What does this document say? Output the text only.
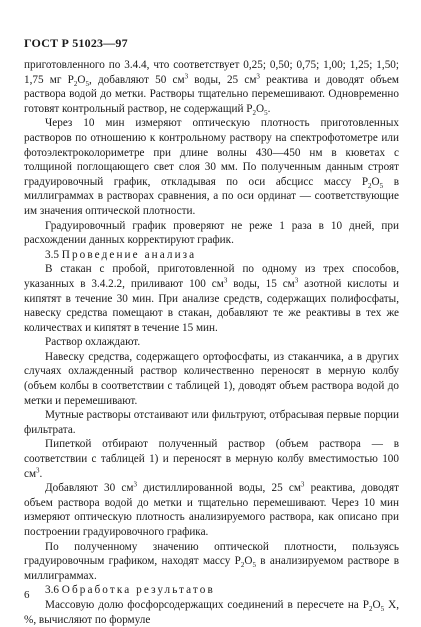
ГОСТ Р 51023—97

приготовленного по 3.4.4, что соответствует 0,25; 0,50; 0,75; 1,00; 1,25; 1,50; 1,75 мг $P_2O_5$, добавляют 50 $см^3$ воды, 25 $см^3$ реактива и доводят объем раствора водой до метки. Растворы тщательно перемешивают. Одновременно готовят контрольный раствор, не содержащий $P_2O_5$.

Через 10 мин измеряют оптическую плотность приготовленных растворов по отношению к контрольному раствору на спектрофотометре или фотоэлектроколориметре при длине волны 430—450 нм в кюветах с толщиной поглощающего свет слоя 30 мм. По полученным данным строят градуировочный график, откладывая по оси абсцисс массу $P_2O_5$ в миллиграммах в растворах сравнения, а по оси ординат — соответствующие им значения оптической плотности.

Градуировочный график проверяют не реже 1 раза в 10 дней, при расхождении данных корректируют график.

3.5 Проведение анализа

В стакан с пробой, приготовленной по одному из трех способов, указанных в 3.4.2.2, приливают 100 $см^3$ воды, 15 $см^3$ азотной кислоты и кипятят в течение 30 мин. При анализе средств, содержащих полифосфаты, навеску средства помещают в стакан, добавляют те же реактивы в тех же количествах и кипятят в течение 15 мин.

Раствор охлаждают.

Навеску средства, содержащего ортофосфаты, из стаканчика, а в других случаях охлажденный раствор количественно переносят в мерную колбу (объем колбы в соответствии с таблицей 1), доводят объем раствора водой до метки и перемешивают.

Мутные растворы отстаивают или фильтруют, отбрасывая первые порции фильтрата.

Пипеткой отбирают полученный раствор (объем раствора — в соответствии с таблицей 1) и переносят в мерную колбу вместимостью 100 $см^3$.

Добавляют 30 $см^3$ дистиллированной воды, 25 $см^3$ реактива, доводят объем раствора водой до метки и тщательно перемешивают. Через 10 мин измеряют оптическую плотность анализируемого раствора, как описано при построении градуировочного графика.

По полученному значению оптической плотности, пользуясь градуировочным графиком, находят массу $P_2O_5$ в анализируемом растворе в миллиграммах.

3.6 Обработка результатов

Массовую долю фосфорсодержащих соединений в пересчете на $P_2O_5$ X, %, вычисляют по формуле

6
